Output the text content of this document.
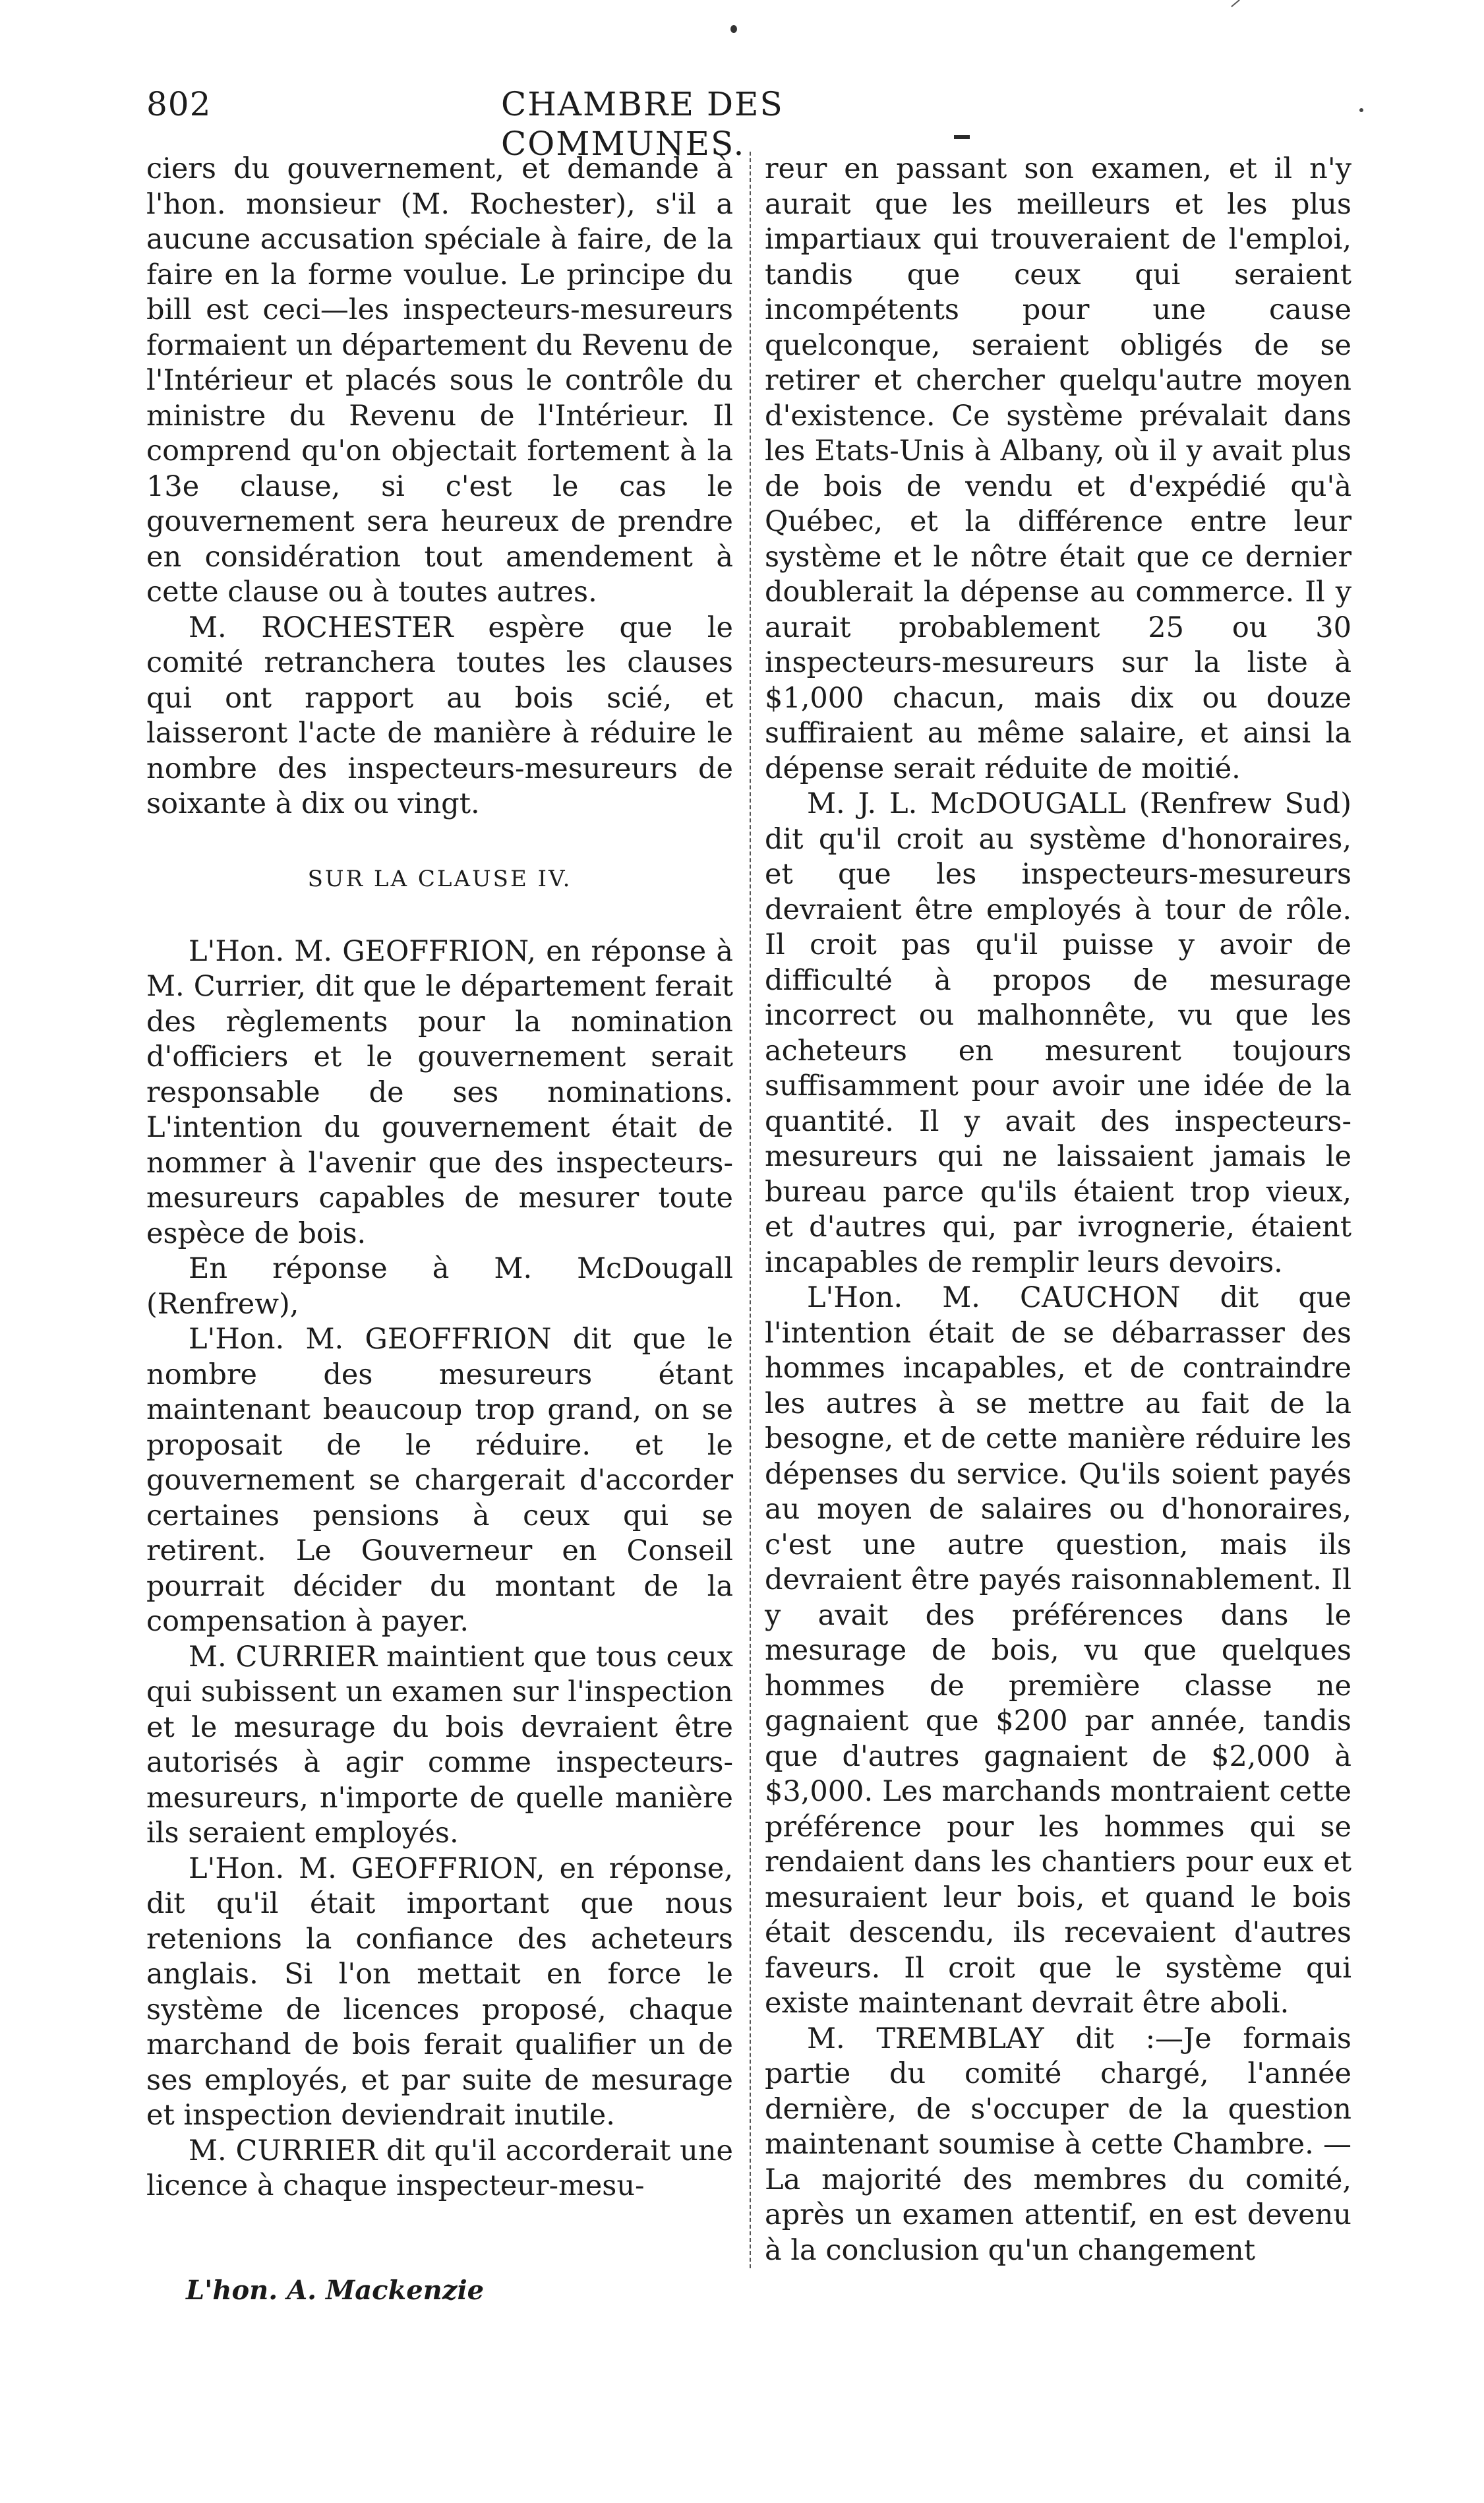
802	CHAMBRE DES COMMUNES.

ciers du gouvernement, et demande à l'hon. monsieur (M. Rochester), s'il a aucune accusation spéciale à faire, de la faire en la forme voulue. Le principe du bill est ceci—les inspecteurs-mesureurs formaient un département du Revenu de l'Intérieur et placés sous le contrôle du ministre du Revenu de l'Intérieur. Il comprend qu'on objectait fortement à la 13e clause, si c'est le cas le gouvernement sera heureux de prendre en considération tout amendement à cette clause ou à toutes autres.

M. ROCHESTER espère que le comité retranchera toutes les clauses qui ont rapport au bois scié, et laisseront l'acte de manière à réduire le nombre des inspecteurs-mesureurs de soixante à dix ou vingt.

SUR LA CLAUSE IV.

L'Hon. M. GEOFFRION, en réponse à M. Currier, dit que le département ferait des règlements pour la nomination d'officiers et le gouvernement serait responsable de ses nominations. L'intention du gouvernement était de nommer à l'avenir que des inspecteurs-mesureurs capables de mesurer toute espèce de bois.

En réponse à M. McDougall (Renfrew),

L'Hon. M. GEOFFRION dit que le nombre des mesureurs étant maintenant beaucoup trop grand, on se proposait de le réduire. et le gouvernement se chargerait d'accorder certaines pensions à ceux qui se retirent. Le Gouverneur en Conseil pourrait décider du montant de la compensation à payer.

M. CURRIER maintient que tous ceux qui subissent un examen sur l'inspection et le mesurage du bois devraient être autorisés à agir comme inspecteurs-mesureurs, n'importe de quelle manière ils seraient employés.

L'Hon. M. GEOFFRION, en réponse, dit qu'il était important que nous retenions la confiance des acheteurs anglais. Si l'on mettait en force le système de licences proposé, chaque marchand de bois ferait qualifier un de ses employés, et par suite de mesurage et inspection deviendrait inutile.

M. CURRIER dit qu'il accorderait une licence à chaque inspecteur-mesu-

reur en passant son examen, et il n'y aurait que les meilleurs et les plus impartiaux qui trouveraient de l'emploi, tandis que ceux qui seraient incompétents pour une cause quelconque, seraient obligés de se retirer et chercher quelqu'autre moyen d'existence. Ce système prévalait dans les Etats-Unis à Albany, où il y avait plus de bois de vendu et d'expédié qu'à Québec, et la différence entre leur système et le nôtre était que ce dernier doublerait la dépense au commerce. Il y aurait probablement 25 ou 30 inspecteurs-mesureurs sur la liste à $1,000 chacun, mais dix ou douze suffiraient au même salaire, et ainsi la dépense serait réduite de moitié.

M. J. L. McDOUGALL (Renfrew Sud) dit qu'il croit au système d'honoraires, et que les inspecteurs-mesureurs devraient être employés à tour de rôle. Il croit pas qu'il puisse y avoir de difficulté à propos de mesurage incorrect ou malhonnête, vu que les acheteurs en mesurent toujours suffisamment pour avoir une idée de la quantité. Il y avait des inspecteurs-mesureurs qui ne laissaient jamais le bureau parce qu'ils étaient trop vieux, et d'autres qui, par ivrognerie, étaient incapables de remplir leurs devoirs.

L'Hon. M. CAUCHON dit que l'intention était de se débarrasser des hommes incapables, et de contraindre les autres à se mettre au fait de la besogne, et de cette manière réduire les dépenses du service. Qu'ils soient payés au moyen de salaires ou d'honoraires, c'est une autre question, mais ils devraient être payés raisonnablement. Il y avait des préférences dans le mesurage de bois, vu que quelques hommes de première classe ne gagnaient que $200 par année, tandis que d'autres gagnaient de $2,000 à $3,000. Les marchands montraient cette préférence pour les hommes qui se rendaient dans les chantiers pour eux et mesuraient leur bois, et quand le bois était descendu, ils recevaient d'autres faveurs. Il croit que le système qui existe maintenant devrait être aboli.

M. TREMBLAY dit :—Je formais partie du comité chargé, l'année dernière, de s'occuper de la question maintenant soumise à cette Chambre. —La majorité des membres du comité, après un examen attentif, en est devenu à la conclusion qu'un changement

L'hon. A. Mackenzie
